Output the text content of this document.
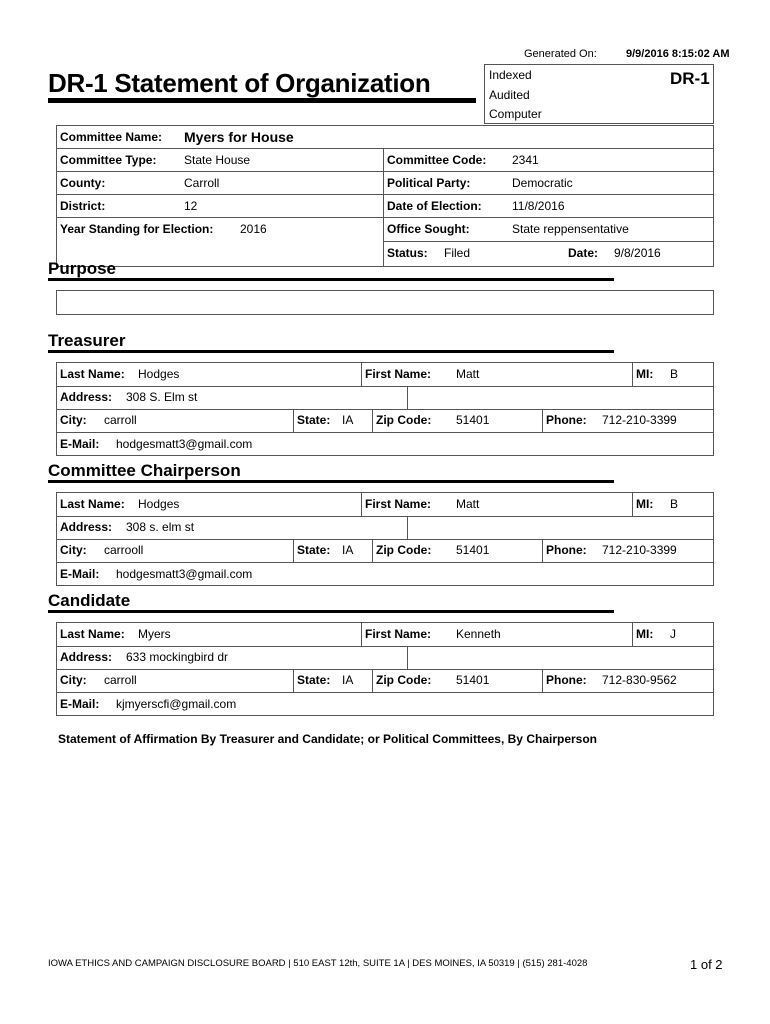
Generated On:	9/9/2016 8:15:02 AM
DR-1 Statement of Organization	Indexed
Audited
Computer
DR-1
Committee Name: Myers for House
Committee Type: State House	Committee Code: 2341
County:	Carroll	Political Party:	Democratic
District:	12	Date of Election:	11/8/2016
Year Standing for Election: 2016	Office Sought:	State reppensentative
Status: Filed	Date: 9/8/2016
Purpose
Treasurer
Last Name: Hodges	First Name: Matt	MI: B
Address: 308 S. Elm st
City: carroll	State: IA Zip Code: 51401	Phone: 712-210-3399
E-Mail: hodgesmatt3@gmail.com
Committee Chairperson
Last Name: Hodges	First Name: Matt	MI: B
Address: 308 s. elm st
City: carrooll	State: IA Zip Code: 51401	Phone: 712-210-3399
E-Mail: hodgesmatt3@gmail.com
Candidate
Last Name: Myers	First Name: Kenneth	MI: J
Address: 633 mockingbird dr
City: carroll	State: IA Zip Code: 51401	Phone: 712-830-9562
E-Mail: kjmyerscfi@gmail.com
Statement of Affirmation By Treasurer and Candidate; or Political Committees, By Chairperson
IOWA ETHICS AND CAMPAIGN DISCLOSURE BOARD | 510 EAST 12th, SUITE 1A | DES MOINES, IA 50319 | (515) 281-4028	1 of 2
